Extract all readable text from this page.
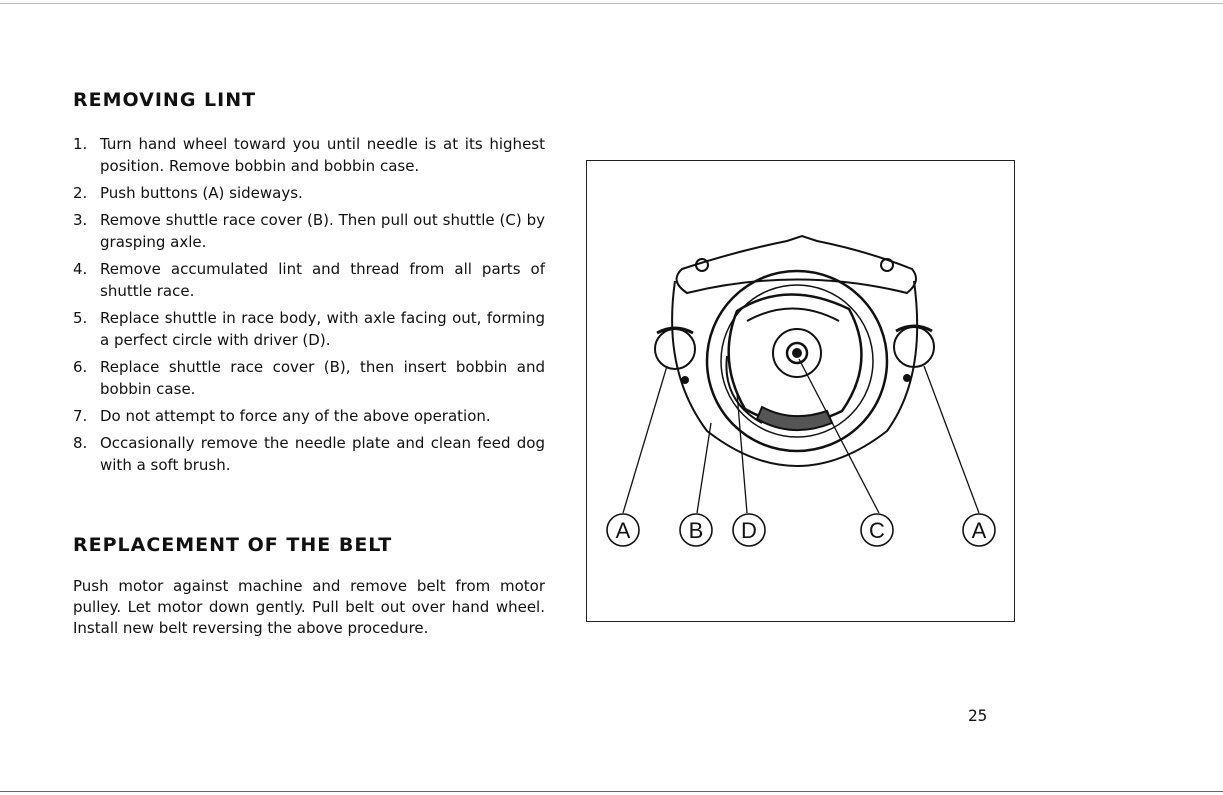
REMOVING LINT
1. Turn hand wheel toward you until needle is at its highest position. Remove bobbin and bobbin case.
2. Push buttons (A) sideways.
3. Remove shuttle race cover (B). Then pull out shuttle (C) by grasping axle.
4. Remove accumulated lint and thread from all parts of shuttle race.
5. Replace shuttle in race body, with axle facing out, forming a perfect circle with driver (D).
6. Replace shuttle race cover (B), then insert bobbin and bobbin case.
7. Do not attempt to force any of the above operation.
8. Occasionally remove the needle plate and clean feed dog with a soft brush.
REPLACEMENT OF THE BELT

Push motor against machine and remove belt from motor pulley. Let motor down gently. Pull belt out over hand wheel. Install new belt reversing the above procedure.

A	B D	C	A
25
